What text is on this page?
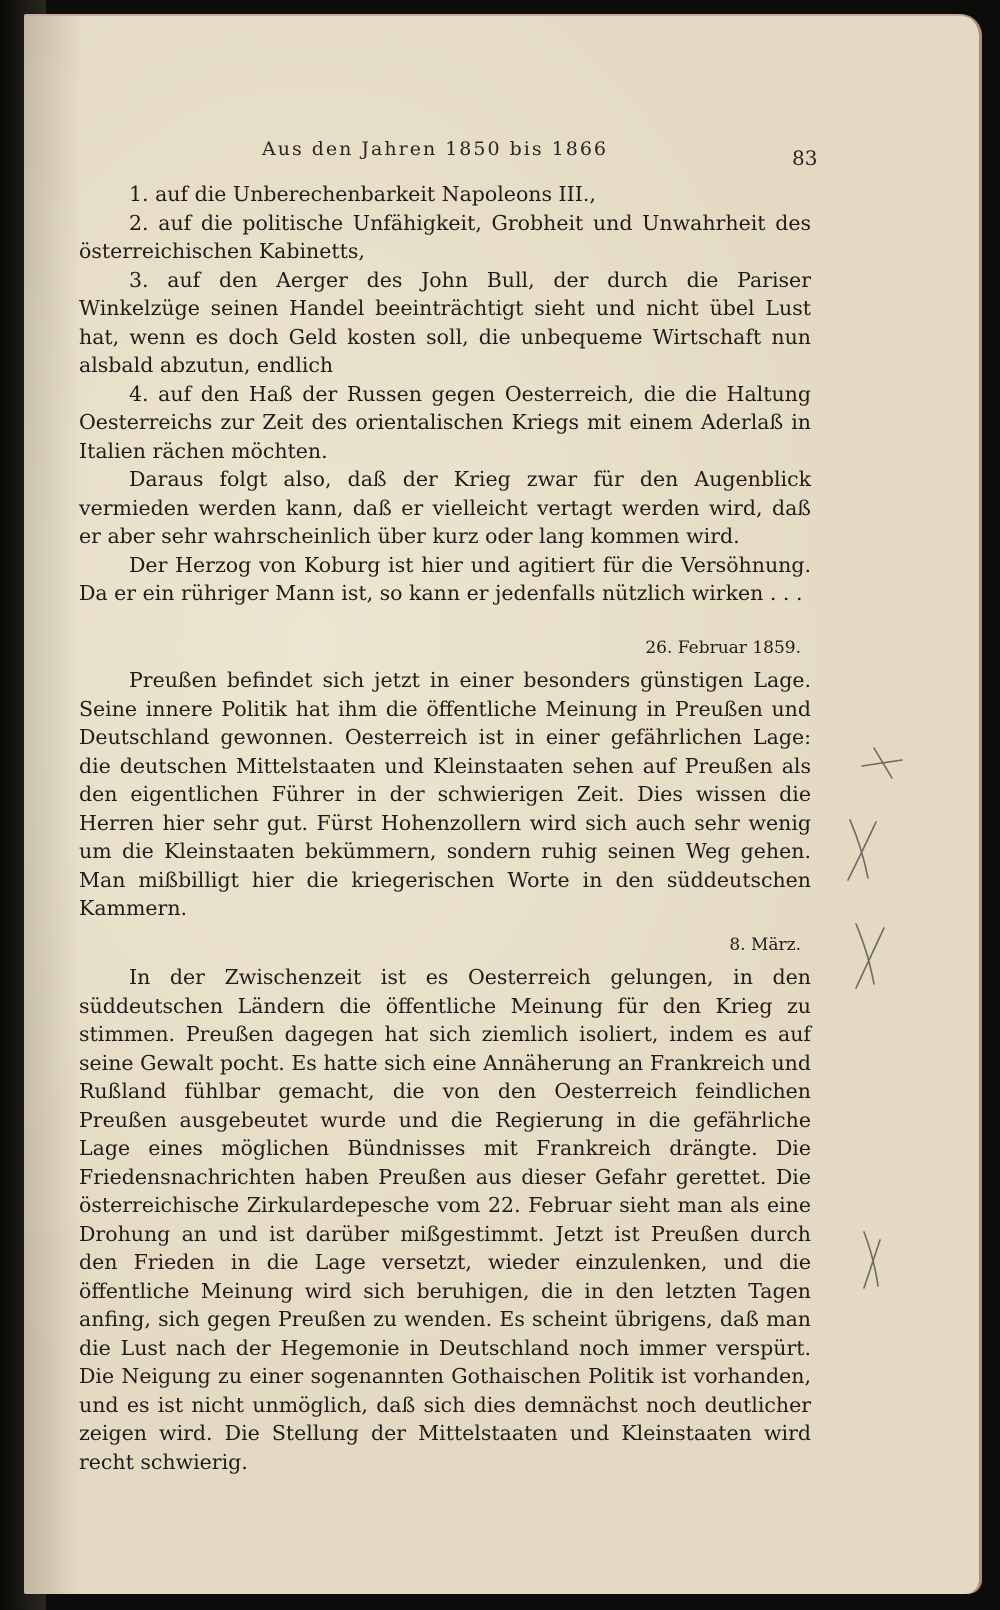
Aus den Jahren 1850 bis 1866	83

1. auf die Unberechenbarkeit Napoleons III.,

2. auf die politische Unfähigkeit, Grobheit und Unwahrheit des österreichischen Kabinetts,

3. auf den Aerger des John Bull, der durch die Pariser Winkelzüge seinen Handel beeinträchtigt sieht und nicht übel Lust hat, wenn es doch Geld kosten soll, die unbequeme Wirtschaft nun alsbald abzutun, endlich

4. auf den Haß der Russen gegen Oesterreich, die die Haltung Oesterreichs zur Zeit des orientalischen Kriegs mit einem Aderlaß in Italien rächen möchten.

Daraus folgt also, daß der Krieg zwar für den Augenblick vermieden werden kann, daß er vielleicht vertagt werden wird, daß er aber sehr wahrscheinlich über kurz oder lang kommen wird.

Der Herzog von Koburg ist hier und agitiert für die Versöhnung. Da er ein rühriger Mann ist, so kann er jedenfalls nützlich wirken . . .

26. Februar 1859.

Preußen befindet sich jetzt in einer besonders günstigen Lage. Seine innere Politik hat ihm die öffentliche Meinung in Preußen und Deutschland gewonnen. Oesterreich ist in einer gefährlichen Lage: die deutschen Mittelstaaten und Kleinstaaten sehen auf Preußen als den eigentlichen Führer in der schwierigen Zeit. Dies wissen die Herren hier sehr gut. Fürst Hohenzollern wird sich auch sehr wenig um die Kleinstaaten bekümmern, sondern ruhig seinen Weg gehen. Man mißbilligt hier die kriegerischen Worte in den süddeutschen Kammern.

8. März.

In der Zwischenzeit ist es Oesterreich gelungen, in den süddeutschen Ländern die öffentliche Meinung für den Krieg zu stimmen. Preußen dagegen hat sich ziemlich isoliert, indem es auf seine Gewalt pocht. Es hatte sich eine Annäherung an Frankreich und Rußland fühlbar gemacht, die von den Oesterreich feindlichen Preußen ausgebeutet wurde und die Regierung in die gefährliche Lage eines möglichen Bündnisses mit Frankreich drängte. Die Friedensnachrichten haben Preußen aus dieser Gefahr gerettet. Die österreichische Zirkulardepesche vom 22. Februar sieht man als eine Drohung an und ist darüber mißgestimmt. Jetzt ist Preußen durch den Frieden in die Lage versetzt, wieder einzulenken, und die öffentliche Meinung wird sich beruhigen, die in den letzten Tagen anfing, sich gegen Preußen zu wenden. Es scheint übrigens, daß man die Lust nach der Hegemonie in Deutschland noch immer verspürt. Die Neigung zu einer sogenannten Gothaischen Politik ist vorhanden, und es ist nicht unmöglich, daß sich dies demnächst noch deutlicher zeigen wird. Die Stellung der Mittelstaaten und Kleinstaaten wird recht schwierig.
